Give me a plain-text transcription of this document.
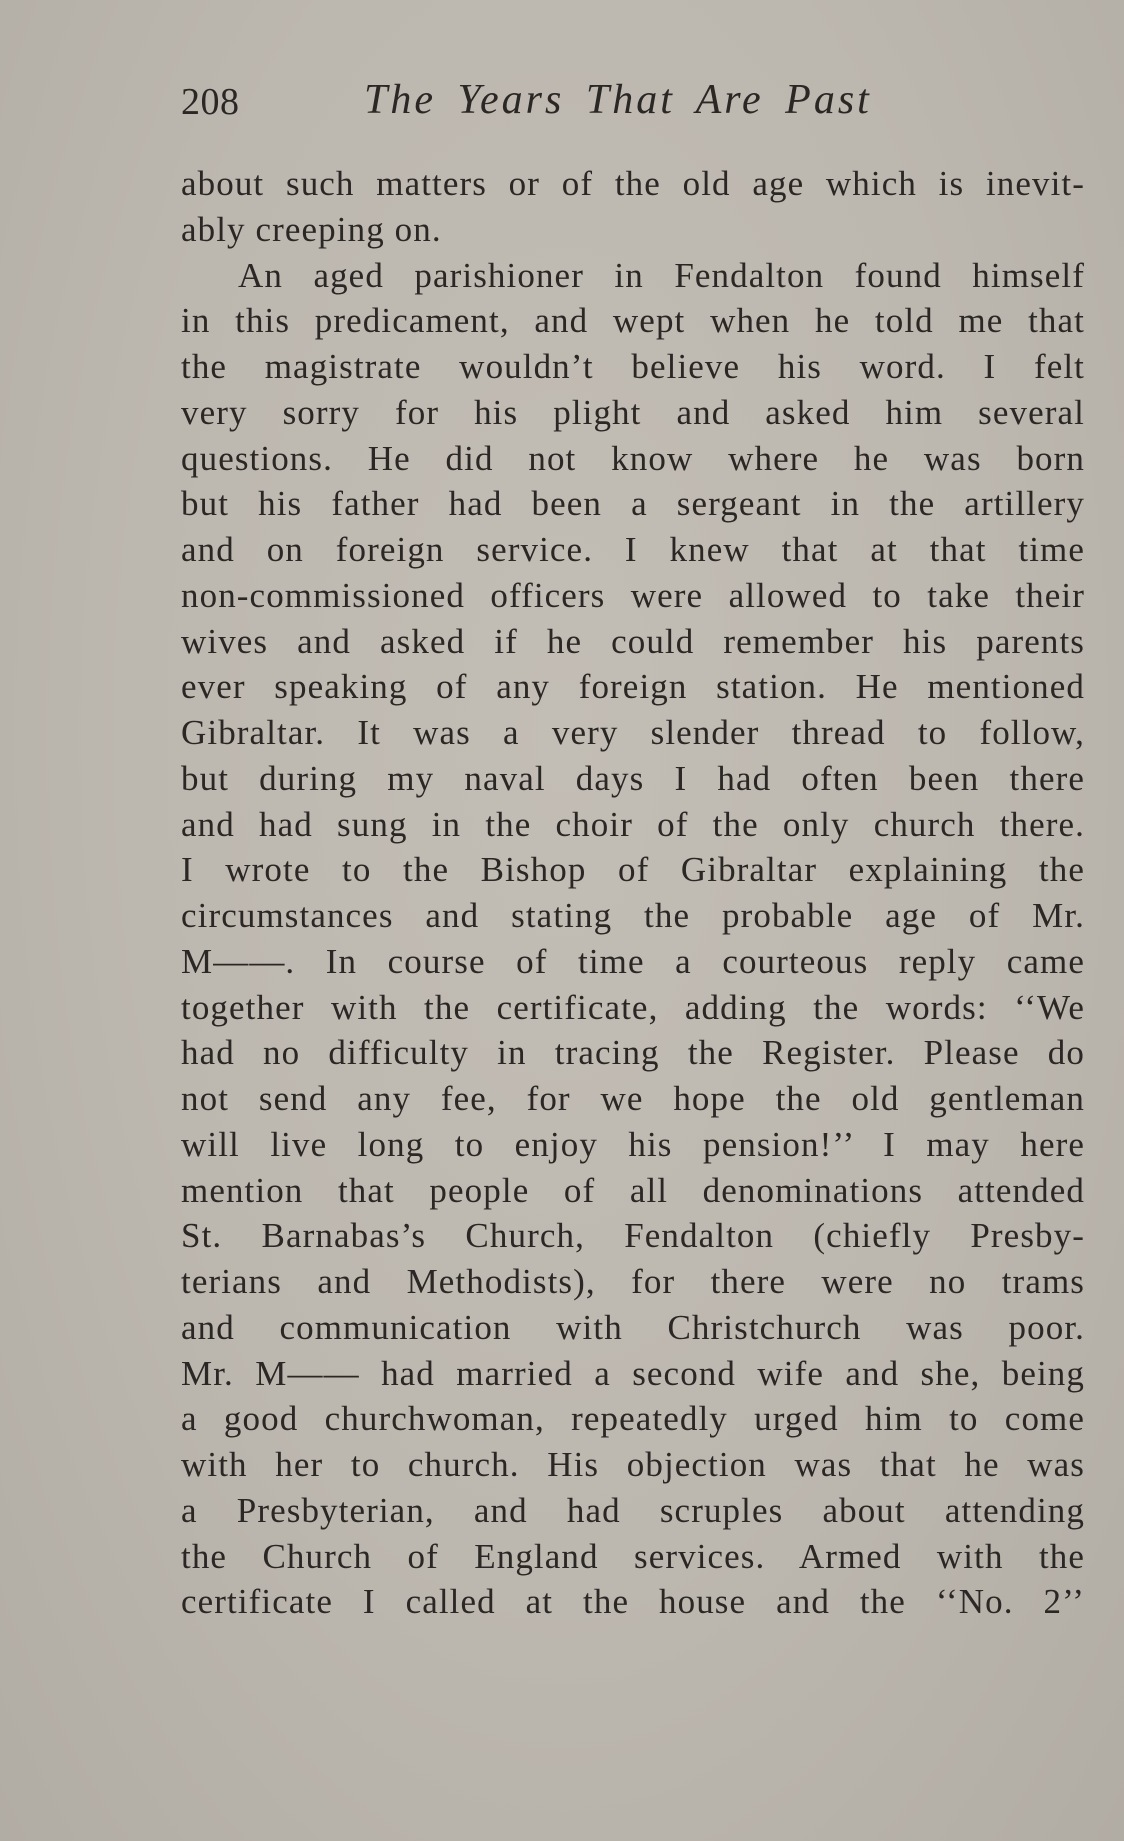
208	The Years That Are Past
about such matters or of the old age which is inevit-
ably creeping on.
An aged parishioner in Fendalton found himself
in this predicament, and wept when he told me that
the magistrate wouldn’t believe his word. I felt
very sorry for his plight and asked him several
questions. He did not know where he was born
but his father had been a sergeant in the artillery
and on foreign service. I knew that at that time
non-commissioned officers were allowed to take their
wives and asked if he could remember his parents
ever speaking of any foreign station. He mentioned
Gibraltar. It was a very slender thread to follow,
but during my naval days I had often been there
and had sung in the choir of the only church there.
I wrote to the Bishop of Gibraltar explaining the
circumstances and stating the probable age of Mr.
M——. In course of time a courteous reply came
together with the certificate, adding the words: ‘‘We
had no difficulty in tracing the Register. Please do
not send any fee, for we hope the old gentleman
will live long to enjoy his pension!’’ I may here
mention that people of all denominations attended
St. Barnabas’s Church, Fendalton (chiefly Presby-
terians and Methodists), for there were no trams
and communication with Christchurch was poor.
Mr. M—— had married a second wife and she, being
a good churchwoman, repeatedly urged him to come
with her to church. His objection was that he was
a Presbyterian, and had scruples about attending
the Church of England services. Armed with the
certificate I called at the house and the ‘‘No. 2’’
